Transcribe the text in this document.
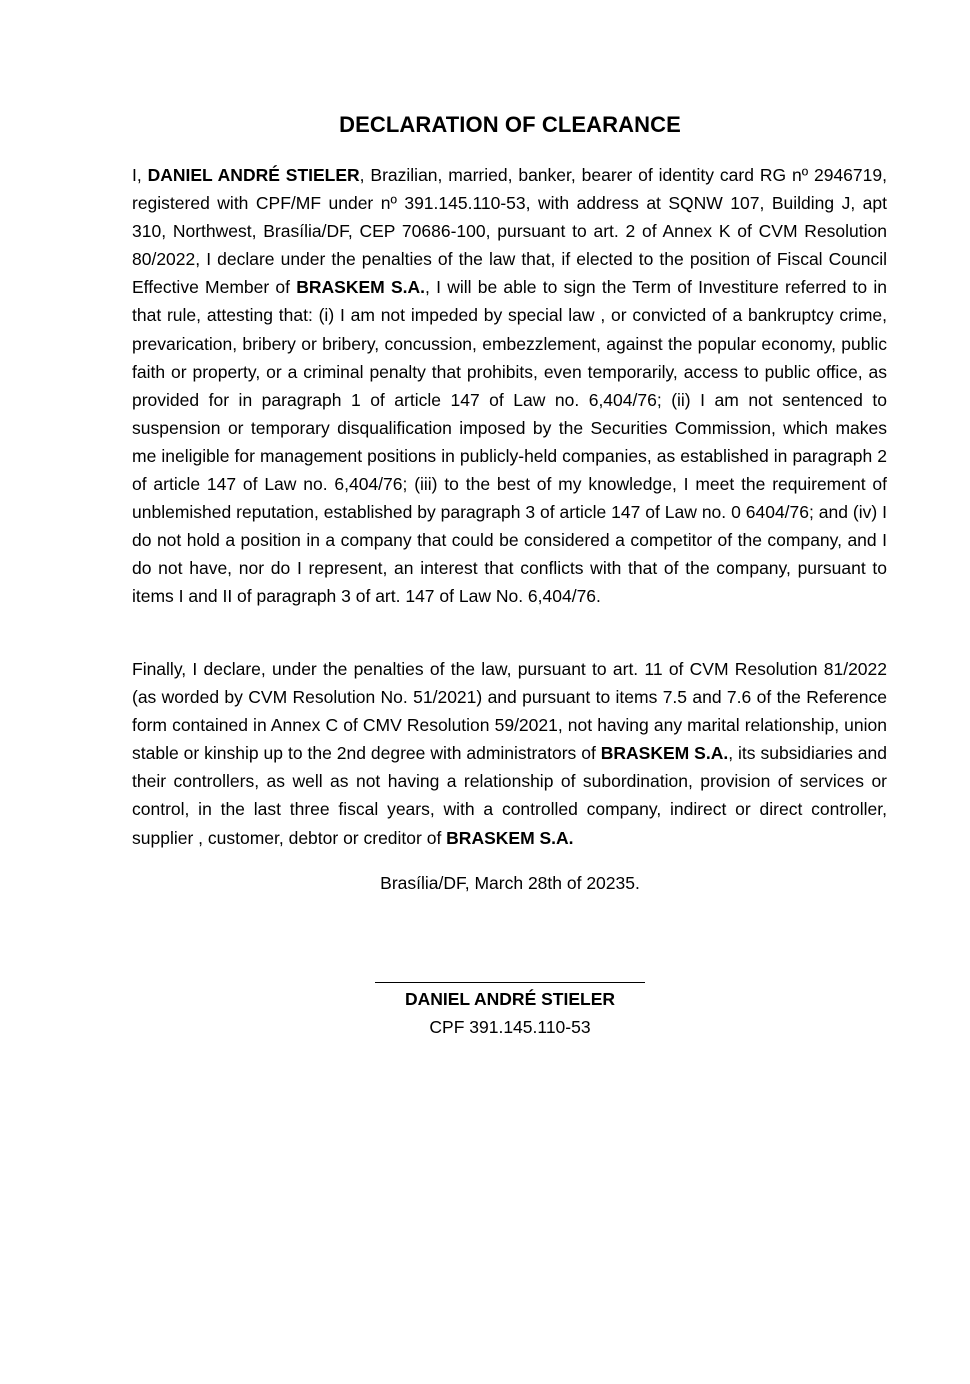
DECLARATION OF CLEARANCE

I, DANIEL ANDRÉ STIELER, Brazilian, married, banker, bearer of identity card RG nº 2946719, registered with CPF/MF under nº 391.145.110-53, with address at SQNW 107, Building J, apt 310, Northwest, Brasília/DF, CEP 70686-100, pursuant to art. 2 of Annex K of CVM Resolution 80/2022, I declare under the penalties of the law that, if elected to the position of Fiscal Council Effective Member of BRASKEM S.A., I will be able to sign the Term of Investiture referred to in that rule, attesting that: (i) I am not impeded by special law , or convicted of a bankruptcy crime, prevarication, bribery or bribery, concussion, embezzlement, against the popular economy, public faith or property, or a criminal penalty that prohibits, even temporarily, access to public office, as provided for in paragraph 1 of article 147 of Law no. 6,404/76; (ii) I am not sentenced to suspension or temporary disqualification imposed by the Securities Commission, which makes me ineligible for management positions in publicly-held companies, as established in paragraph 2 of article 147 of Law no. 6,404/76; (iii) to the best of my knowledge, I meet the requirement of unblemished reputation, established by paragraph 3 of article 147 of Law no. 0 6404/76; and (iv) I do not hold a position in a company that could be considered a competitor of the company, and I do not have, nor do I represent, an interest that conflicts with that of the company, pursuant to items I and II of paragraph 3 of art. 147 of Law No. 6,404/76.

Finally, I declare, under the penalties of the law, pursuant to art. 11 of CVM Resolution 81/2022 (as worded by CVM Resolution No. 51/2021) and pursuant to items 7.5 and 7.6 of the Reference form contained in Annex C of CMV Resolution 59/2021, not having any marital relationship, union stable or kinship up to the 2nd degree with administrators of BRASKEM S.A., its subsidiaries and their controllers, as well as not having a relationship of subordination, provision of services or control, in the last three fiscal years, with a controlled company, indirect or direct controller, supplier , customer, debtor or creditor of BRASKEM S.A.

Brasília/DF, March 28th of 20235.
DANIEL ANDRÉ STIELER
CPF 391.145.110-53
